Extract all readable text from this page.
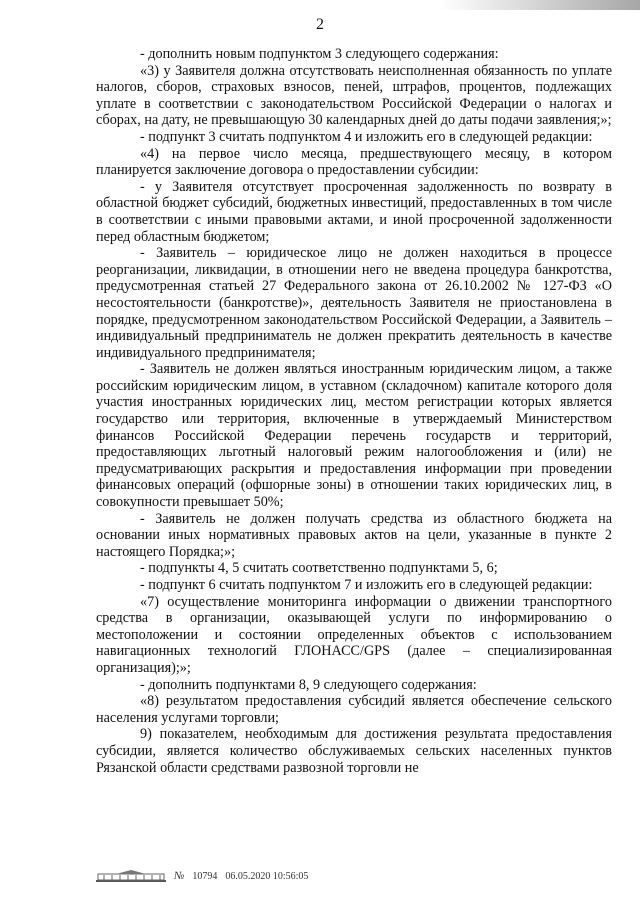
2

- дополнить новым подпунктом 3 следующего содержания:

«3) у Заявителя должна отсутствовать неисполненная обязанность по уплате налогов, сборов, страховых взносов, пеней, штрафов, процентов, подлежащих уплате в соответствии с законодательством Российской Федерации о налогах и сборах, на дату, не превышающую 30 календарных дней до даты подачи заявления;»;

- подпункт 3 считать подпунктом 4 и изложить его в следующей редакции:

«4) на первое число месяца, предшествующего месяцу, в котором планируется заключение договора о предоставлении субсидии:

- у Заявителя отсутствует просроченная задолженность по возврату в областной бюджет субсидий, бюджетных инвестиций, предоставленных в том числе в соответствии с иными правовыми актами, и иной просроченной задолженности перед областным бюджетом;

- Заявитель – юридическое лицо не должен находиться в процессе реорганизации, ликвидации, в отношении него не введена процедура банкротства, предусмотренная статьей 27 Федерального закона от 26.10.2002 № 127-ФЗ «О несостоятельности (банкротстве)», деятельность Заявителя не приостановлена в порядке, предусмотренном законодательством Российской Федерации, а Заявитель – индивидуальный предприниматель не должен прекратить деятельность в качестве индивидуального предпринимателя;

- Заявитель не должен являться иностранным юридическим лицом, а также российским юридическим лицом, в уставном (складочном) капитале которого доля участия иностранных юридических лиц, местом регистрации которых является государство или территория, включенные в утверждаемый Министерством финансов Российской Федерации перечень государств и территорий, предоставляющих льготный налоговый режим налогообложения и (или) не предусматривающих раскрытия и предоставления информации при проведении финансовых операций (офшорные зоны) в отношении таких юридических лиц, в совокупности превышает 50%;

- Заявитель не должен получать средства из областного бюджета на основании иных нормативных правовых актов на цели, указанные в пункте 2 настоящего Порядка;»;

- подпункты 4, 5 считать соответственно подпунктами 5, 6;

- подпункт 6 считать подпунктом 7 и изложить его в следующей редакции:

«7) осуществление мониторинга информации о движении транспортного средства в организации, оказывающей услуги по информированию о местоположении и состоянии определенных объектов с использованием навигационных технологий ГЛОНАСС/GPS (далее – специализированная организация);»;

- дополнить подпунктами 8, 9 следующего содержания:

«8) результатом предоставления субсидий является обеспечение сельского населения услугами торговли;

9) показателем, необходимым для достижения результата предоставления субсидии, является количество обслуживаемых сельских населенных пунктов Рязанской области средствами развозной торговли не

№ 10794 06.05.2020 10:56:05
